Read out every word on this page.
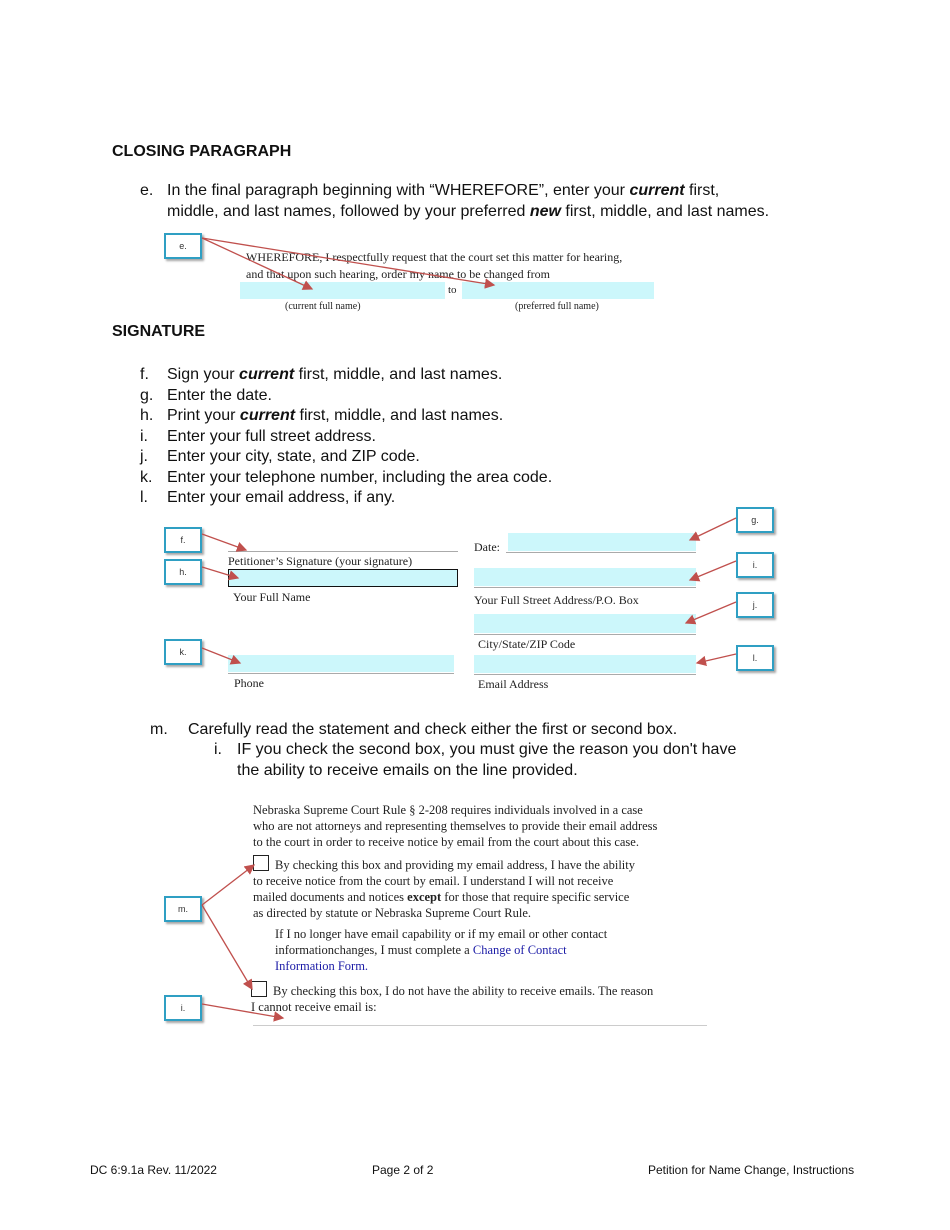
CLOSING PARAGRAPH
e. In the final paragraph beginning with “WHEREFORE”, enter your current first,
middle, and last names, followed by your preferred new first, middle, and last names.
e.
WHEREFORE, I respectfully request that the court set this matter for hearing,
and that upon such hearing, order my name to be changed from
to
(current full name)	(preferred full name)
SIGNATURE
f. Sign your current first, middle, and last names.
g. Enter the date.
h. Print your current first, middle, and last names.
i. Enter your full street address.
j. Enter your city, state, and ZIP code.
k. Enter your telephone number, including the area code.
l. Enter your email address, if any.
f.
h.
k.
g.
i.
j.
l.
Petitioner’s Signature (your signature)
Your Full Name
Date:
Your Full Street Address/P.O. Box
City/State/ZIP Code
Phone	Email Address
m. Carefully read the statement and check either the first or second box.
i. IF you check the second box, you must give the reason you don't have
the ability to receive emails on the line provided.
Nebraska Supreme Court Rule § 2-208 requires individuals involved in a case
who are not attorneys and representing themselves to provide their email address
to the court in order to receive notice by email from the court about this case.
By checking this box and providing my email address, I have the ability
to receive notice from the court by email. I understand I will not receive
mailed documents and notices except for those that require specific service
as directed by statute or Nebraska Supreme Court Rule.
If I no longer have email capability or if my email or other contact
informationchanges, I must complete a Change of Contact
Information Form.
By checking this box, I do not have the ability to receive emails. The reason
I cannot receive email is:
m.
i.
DC 6:9.1a Rev. 11/2022	Page 2 of 2	Petition for Name Change, Instructions
